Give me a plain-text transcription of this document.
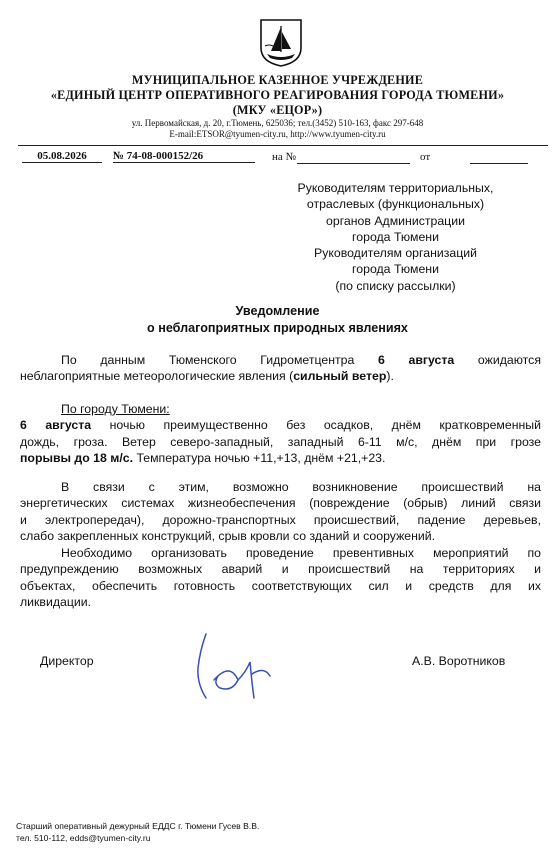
МУНИЦИПАЛЬНОЕ КАЗЕННОЕ УЧРЕЖДЕНИЕ
«ЕДИНЫЙ ЦЕНТР ОПЕРАТИВНОГО РЕАГИРОВАНИЯ ГОРОДА ТЮМЕНИ»
(МКУ «ЕЦОР»)
ул. Первомайская, д. 20, г.Тюмень, 625036; тел.(3452) 510-163, факс 297-648
E-mail:ETSOR@tyumen-city.ru, http://www.tyumen-city.ru
05.08.2026	№ 74-08-000152/26	на №	от
Руководителям территориальных,
отраслевых (функциональных)
органов Администрации
города Тюмени
Руководителям организаций
города Тюмени
(по списку рассылки)
Уведомление
о неблагоприятных природных явлениях
По данным Тюменского Гидрометцентра 6 августа ожидаются
неблагоприятные метеорологические явления (сильный ветер).
По городу Тюмени:
6 августа ночью преимущественно без осадков, днём кратковременный
дождь, гроза. Ветер северо-западный, западный 6-11 м/с, днём при грозе
порывы до 18 м/с. Температура ночью +11,+13, днём +21,+23.
В связи с этим, возможно возникновение происшествий на
энергетических системах жизнеобеспечения (повреждение (обрыв) линий связи
и электропередач), дорожно-транспортных происшествий, падение деревьев,
слабо закрепленных конструкций, срыв кровли со зданий и сооружений.
Необходимо организовать проведение превентивных мероприятий по
предупреждению возможных аварий и происшествий на территориях и
объектах, обеспечить готовность соответствующих сил и средств для их
ликвидации.
Директор	А.В. Воротников
Старший оперативный дежурный ЕДДС г. Тюмени Гусев В.В.
тел. 510-112, edds@tyumen-city.ru
